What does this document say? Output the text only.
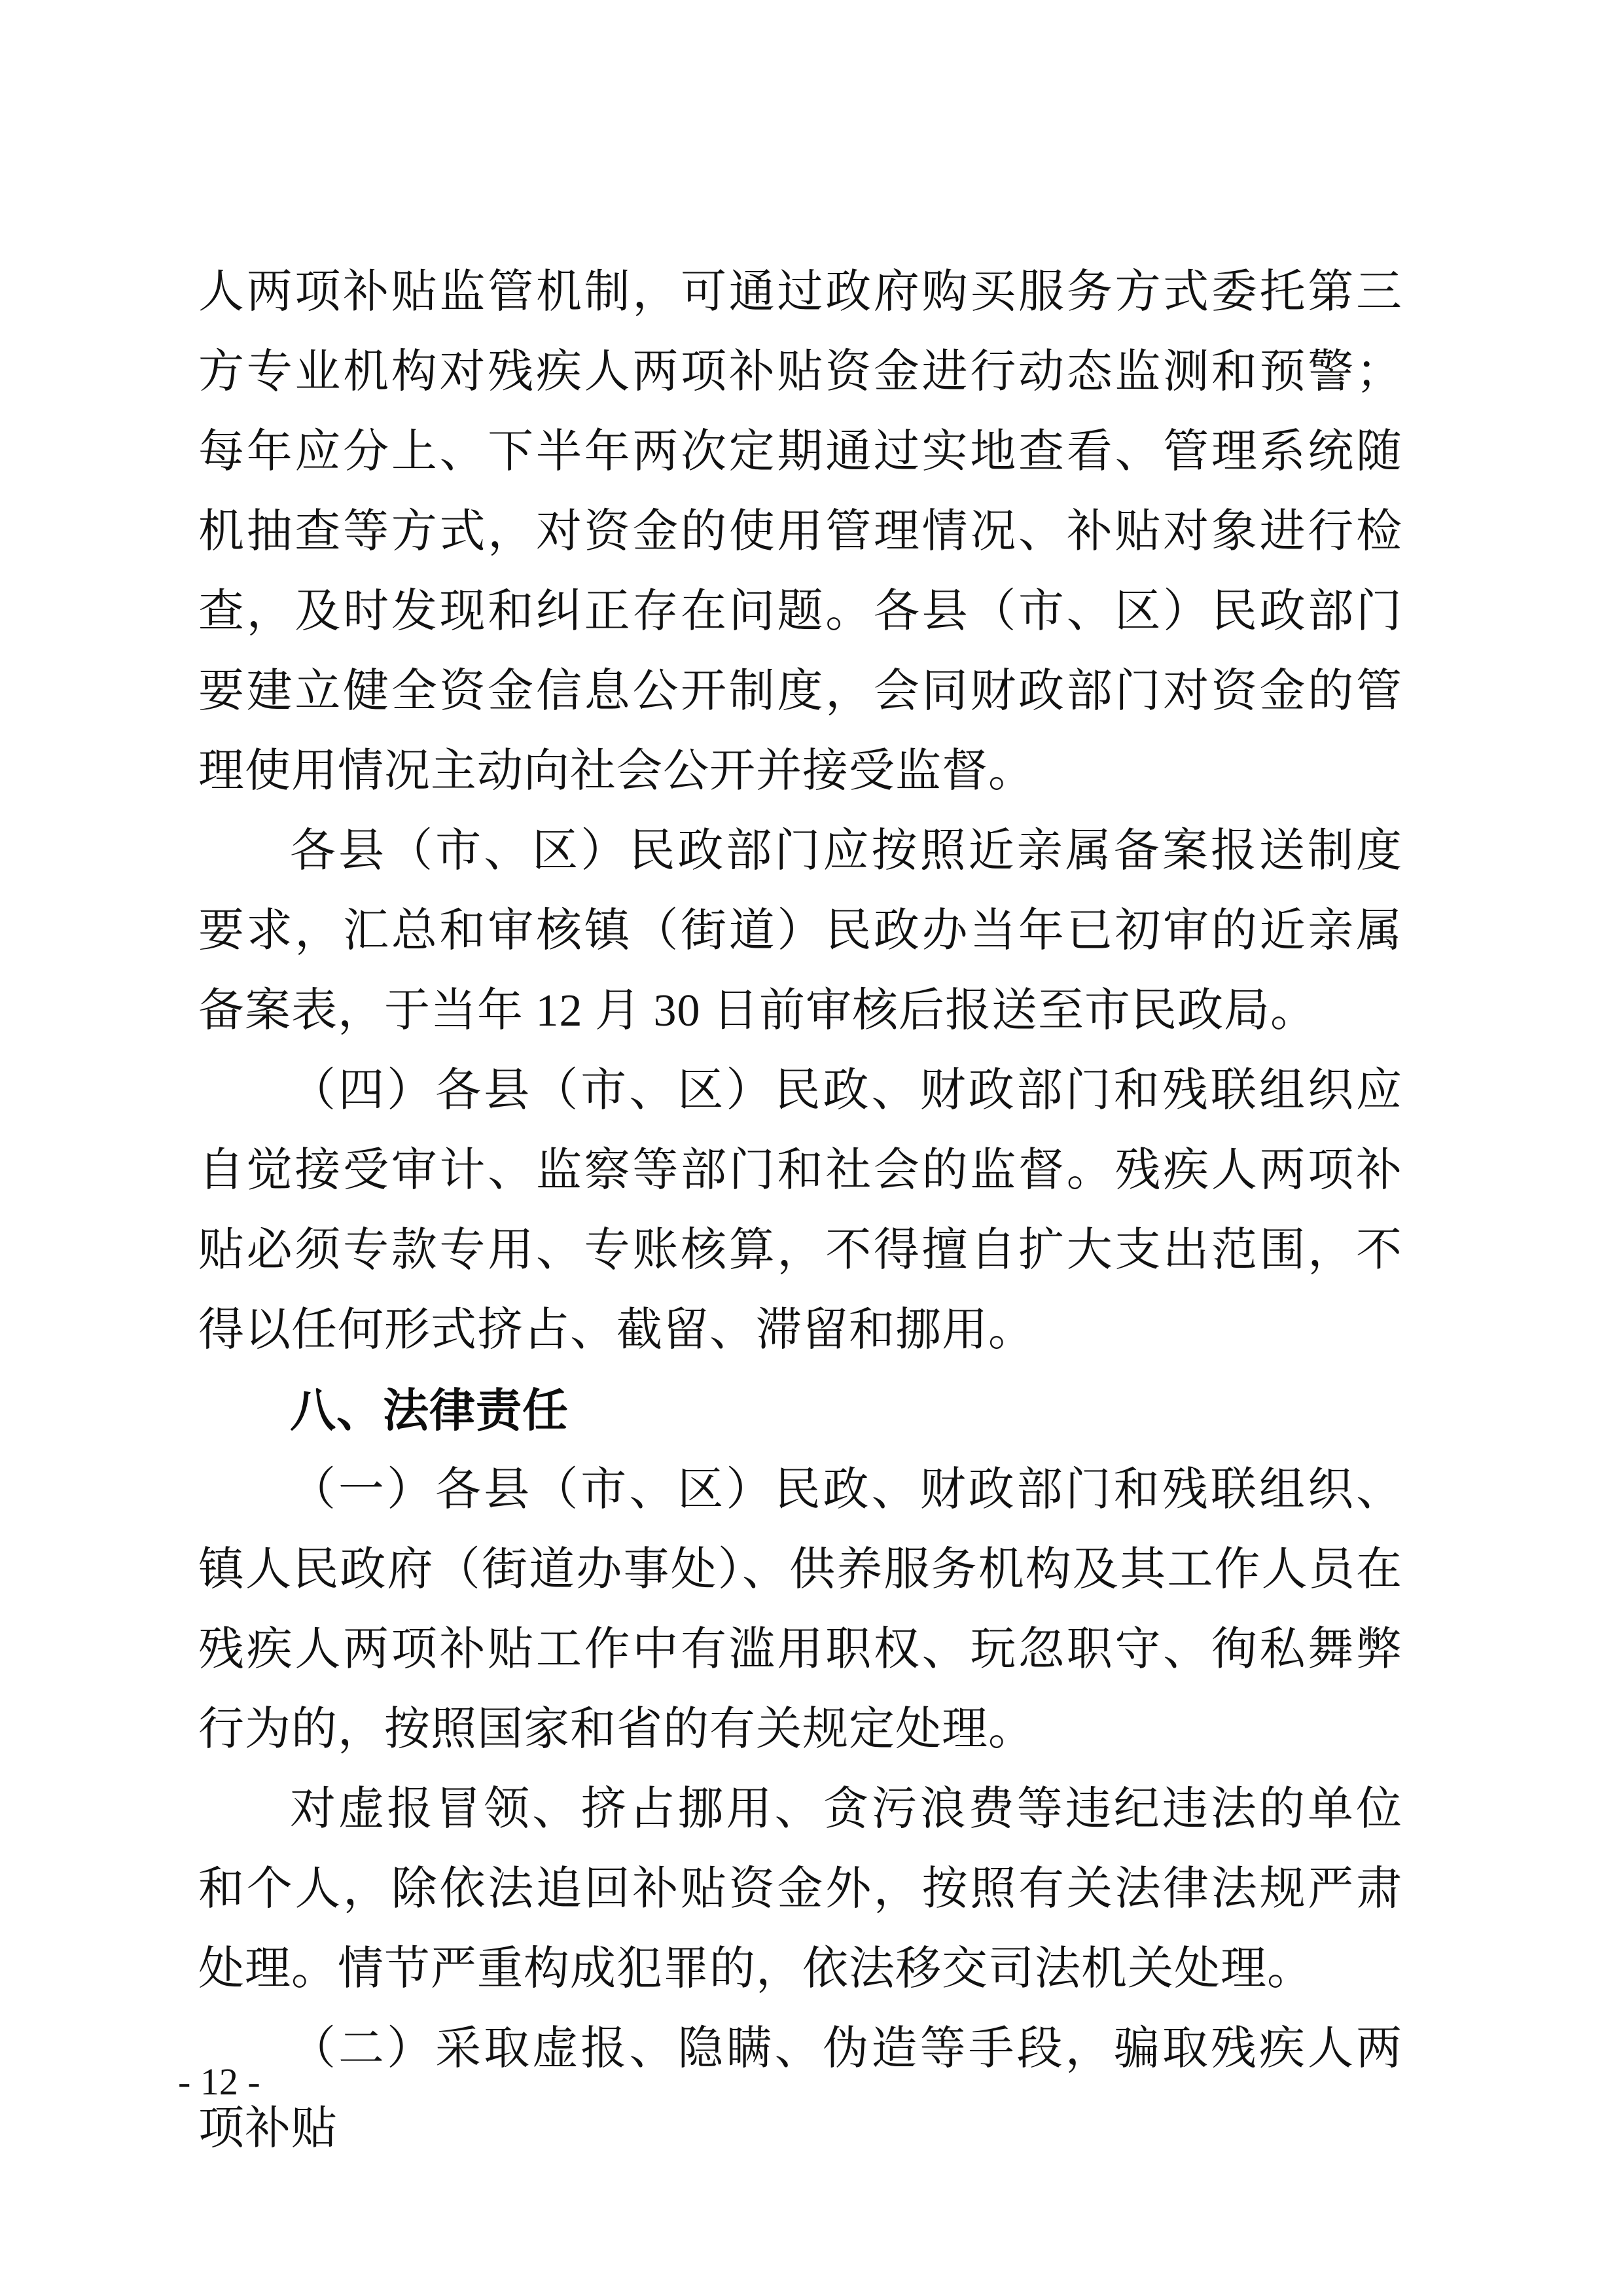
人两项补贴监管机制，可通过政府购买服务方式委托第三方专业机构对残疾人两项补贴资金进行动态监测和预警；每年应分上、下半年两次定期通过实地查看、管理系统随机抽查等方式，对资金的使用管理情况、补贴对象进行检查，及时发现和纠正存在问题。各县（市、区）民政部门要建立健全资金信息公开制度，会同财政部门对资金的管理使用情况主动向社会公开并接受监督。

各县（市、区）民政部门应按照近亲属备案报送制度要求，汇总和审核镇（街道）民政办当年已初审的近亲属备案表，于当年 12 月 30 日前审核后报送至市民政局。

（四）各县（市、区）民政、财政部门和残联组织应自觉接受审计、监察等部门和社会的监督。残疾人两项补贴必须专款专用、专账核算，不得擅自扩大支出范围，不得以任何形式挤占、截留、滞留和挪用。

八、法律责任

（一）各县（市、区）民政、财政部门和残联组织、镇人民政府（街道办事处）、供养服务机构及其工作人员在残疾人两项补贴工作中有滥用职权、玩忽职守、徇私舞弊行为的，按照国家和省的有关规定处理。

对虚报冒领、挤占挪用、贪污浪费等违纪违法的单位和个人，除依法追回补贴资金外，按照有关法律法规严肃处理。情节严重构成犯罪的，依法移交司法机关处理。

（二）采取虚报、隐瞒、伪造等手段，骗取残疾人两项补贴

- 12 -
